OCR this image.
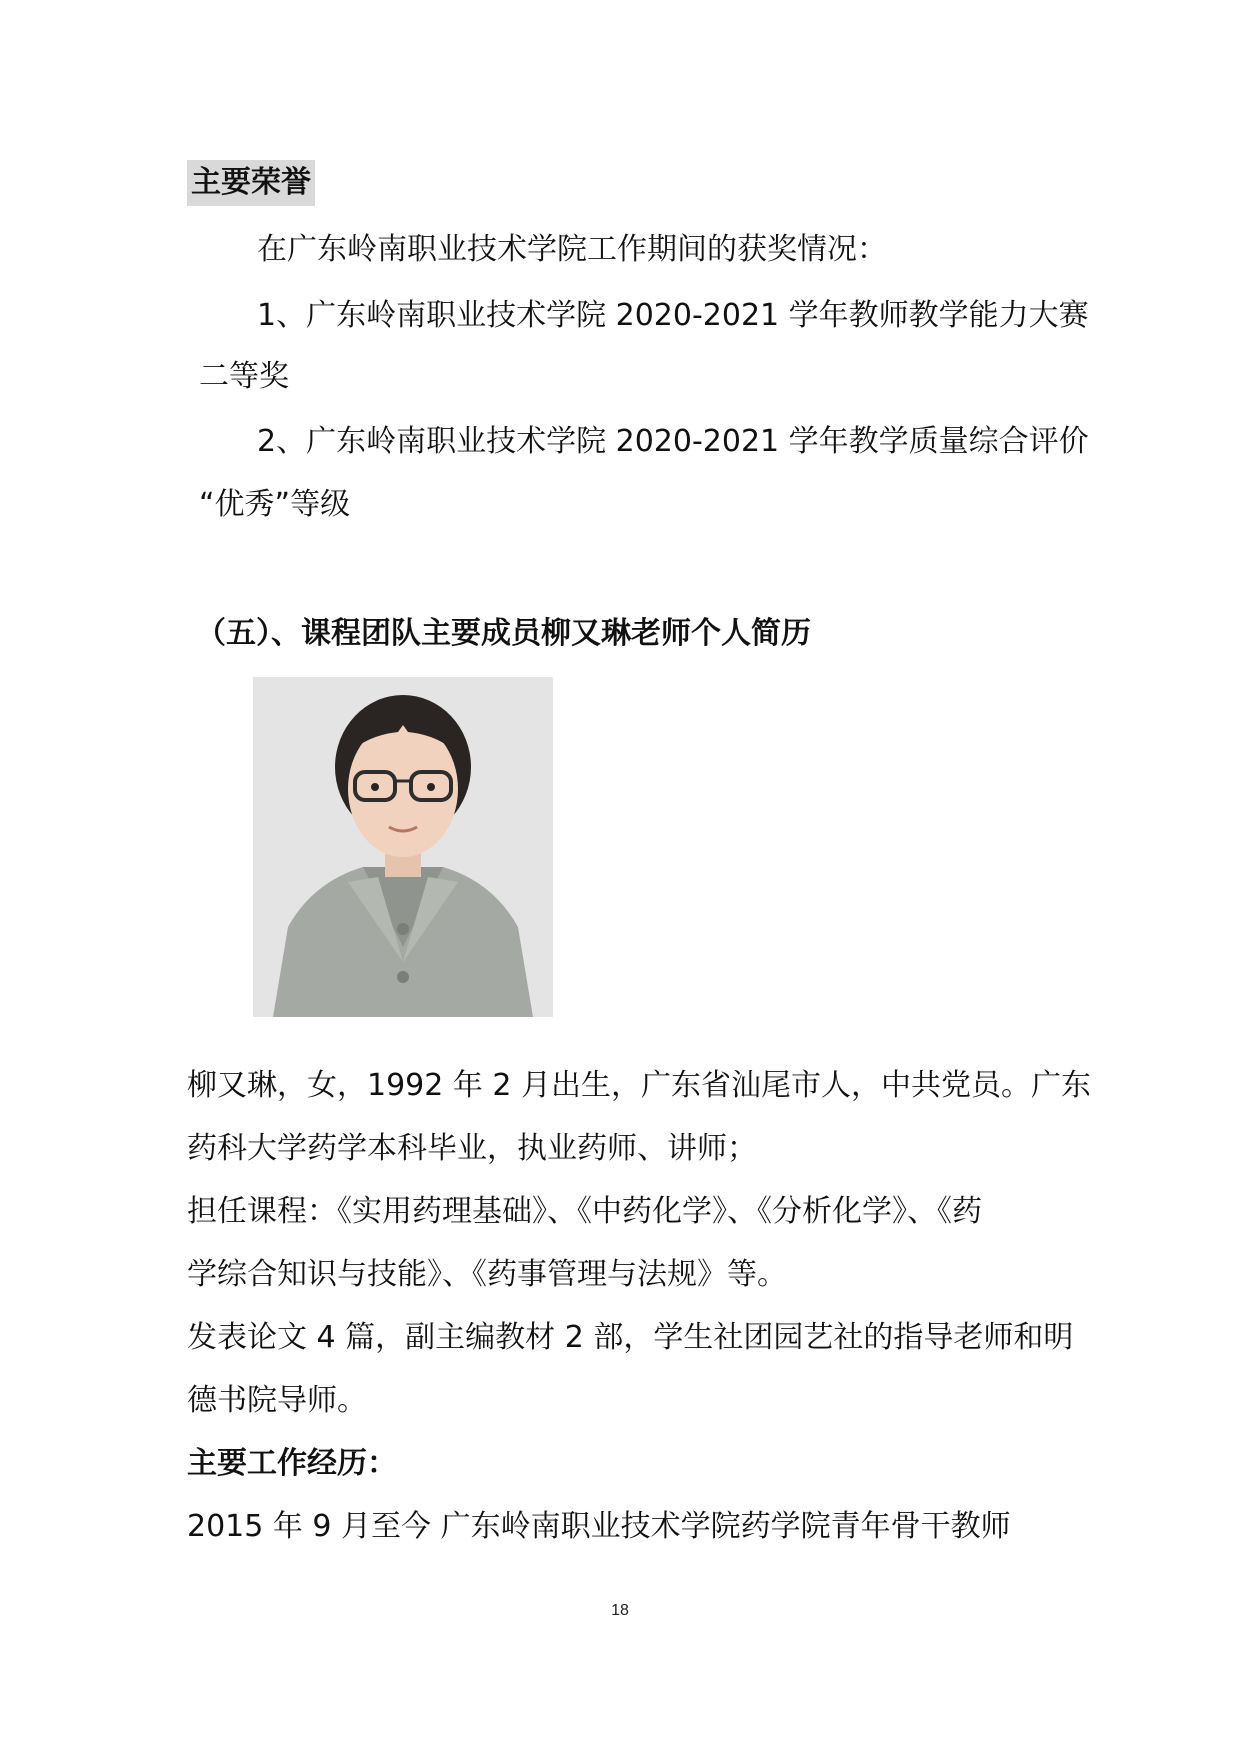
主要荣誉
在广东岭南职业技术学院工作期间的获奖情况：
1、广东岭南职业技术学院 2020-2021 学年教师教学能力大赛
二等奖
2、广东岭南职业技术学院 2020-2021 学年教学质量综合评价
“优秀”等级
（五）、课程团队主要成员柳又琳老师个人简历
柳又琳，女，1992 年 2 月出生，广东省汕尾市人，中共党员。广东
药科大学药学本科毕业，执业药师、讲师；
担任课程：《实用药理基础》、《中药化学》、《分析化学》、《药
学综合知识与技能》、《药事管理与法规》等。
发表论文 4 篇，副主编教材 2 部，学生社团园艺社的指导老师和明
德书院导师。
主要工作经历：
2015 年 9 月至今 广东岭南职业技术学院药学院青年骨干教师
18
